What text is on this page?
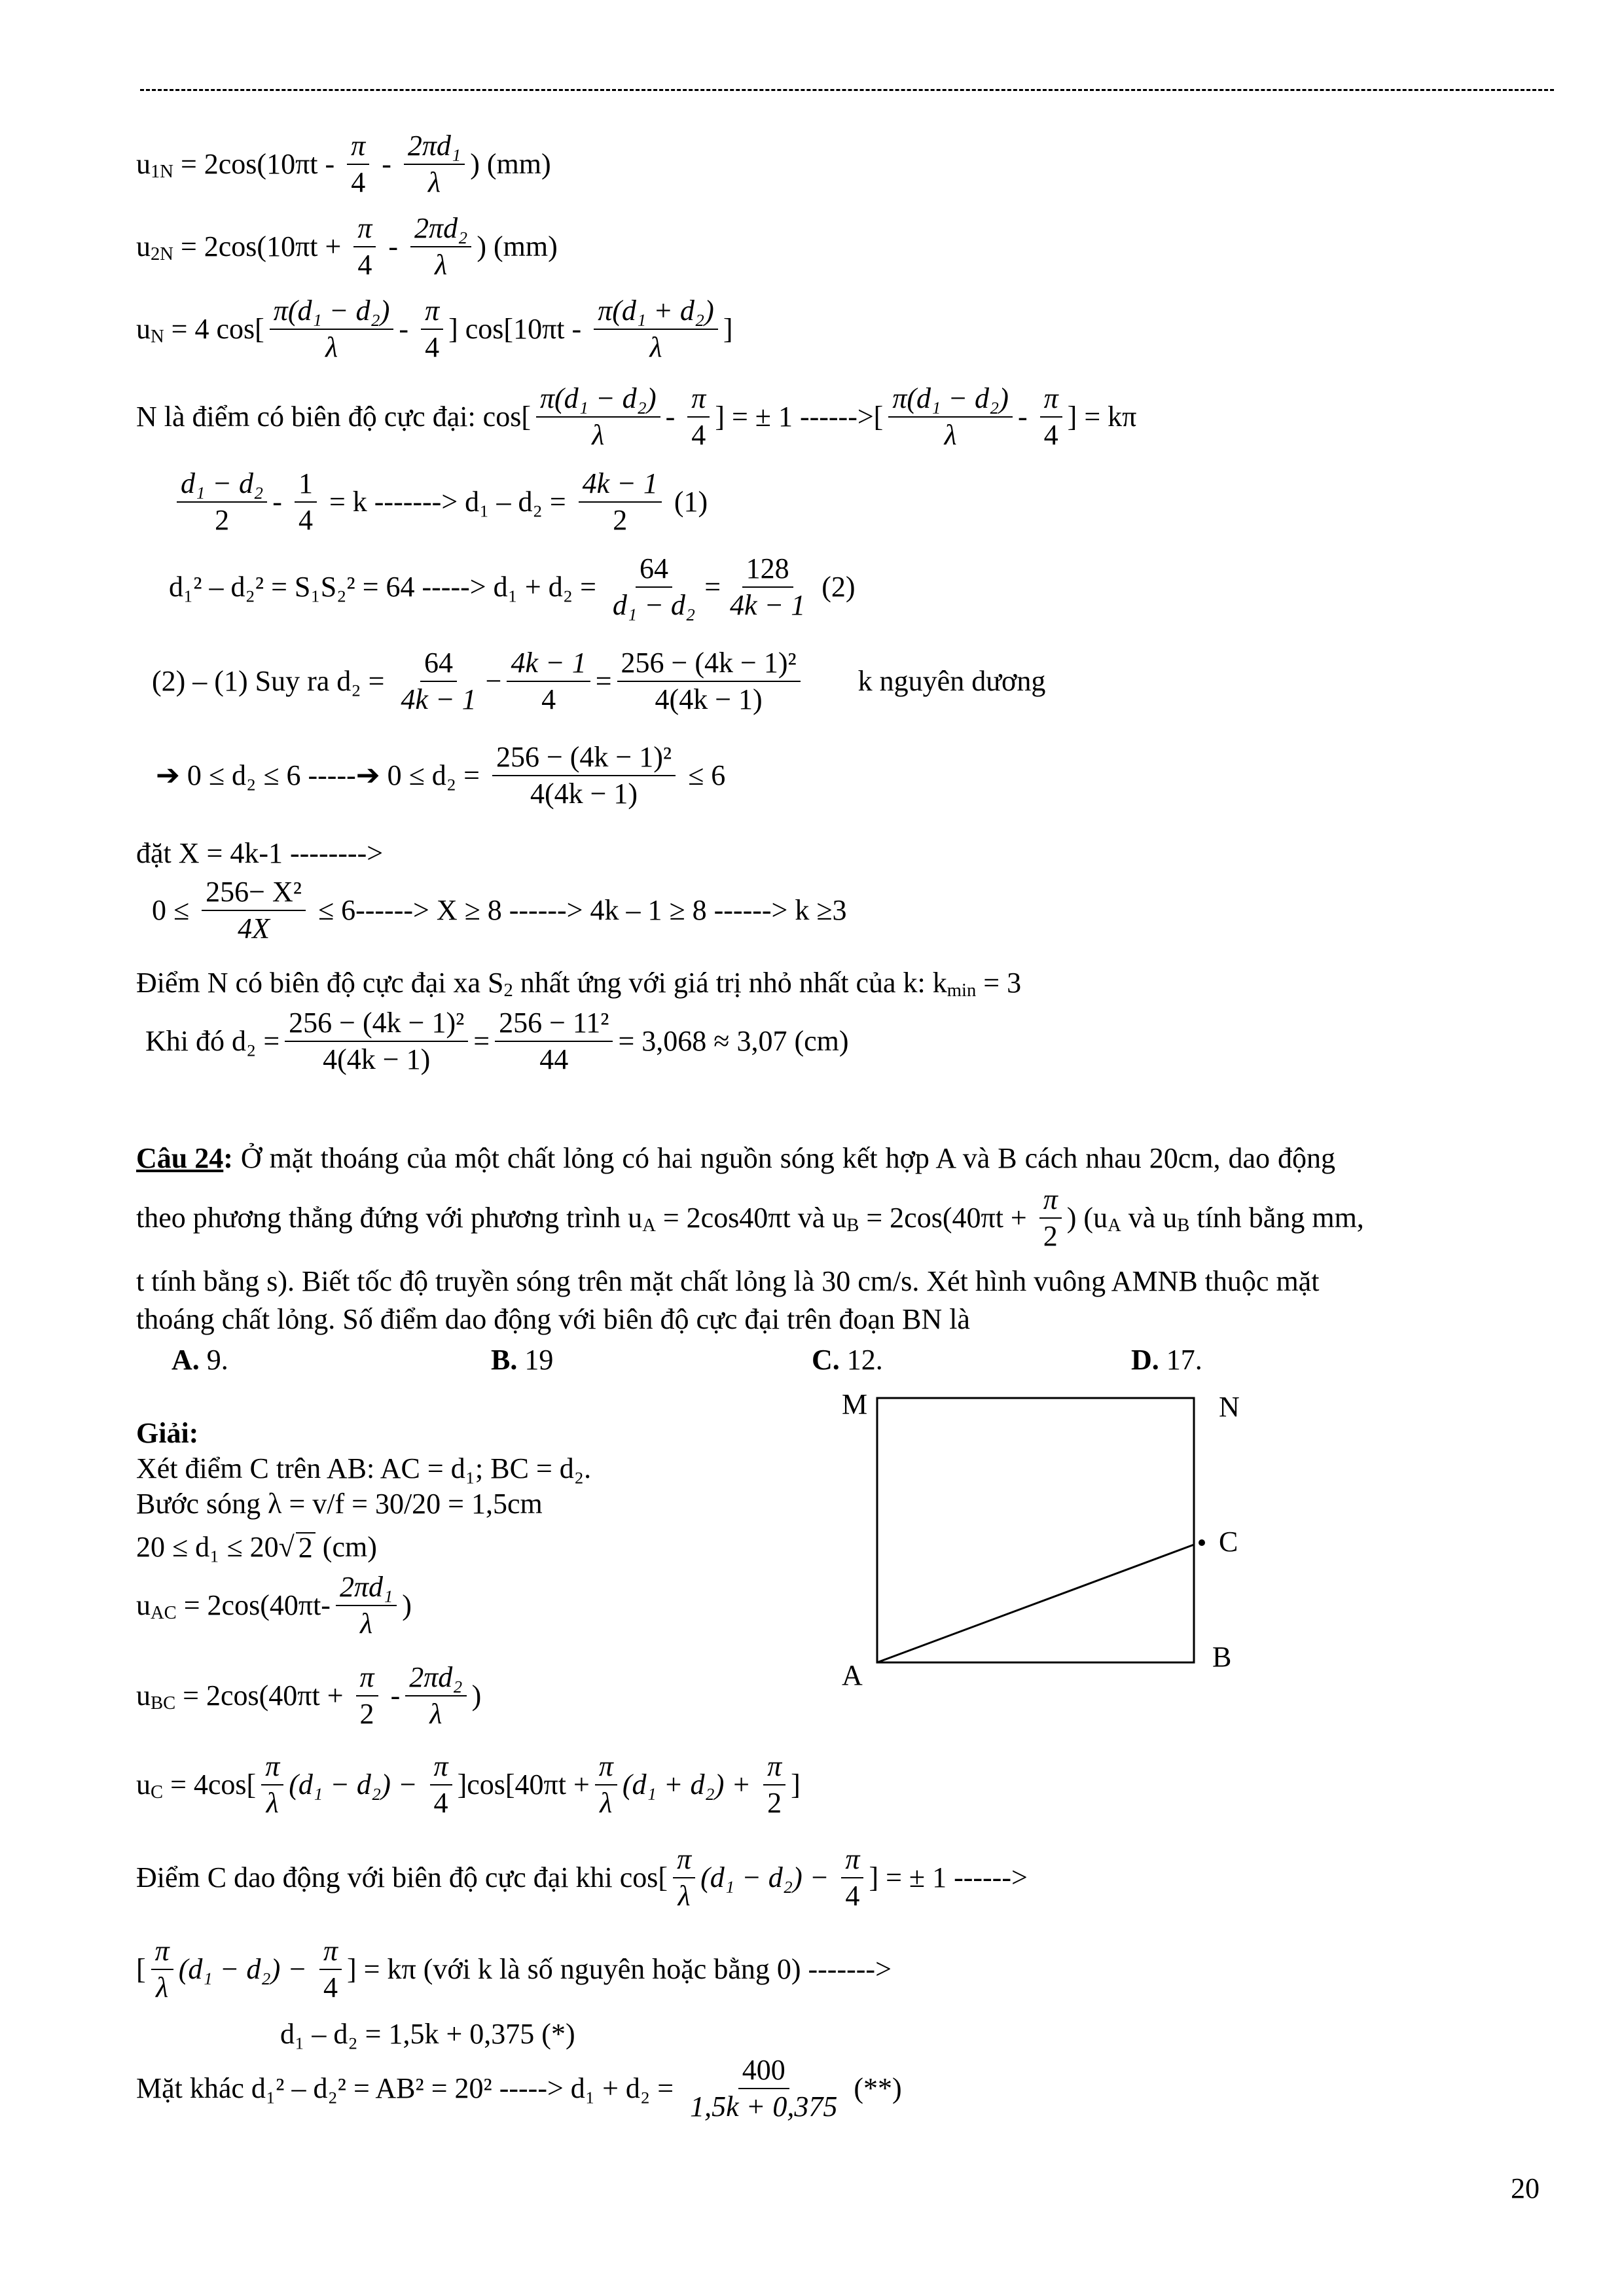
$u_{1N} = 2\cos(10\pi t - \frac{\pi}{4} - \frac{\text{2πd₁}}{\lambda}$ ) (mm)
$u_{2N} = 2\cos(10\pi t + \frac{\pi}{4} - \frac{\text{2πd₂}}{\lambda}$ ) (mm)
$u_N = 4$ $\cos[ \frac{\text{π(d₁ − d₂)}}{\lambda} - \frac{\pi}{4}$ ] $\cos[10\pi t - \frac{\text{π(d₁ + d₂)}}{\lambda}$ ]
N là điểm có biên độ cực đại: $\cos[ \frac{\text{π(d₁ − d₂)}}{\lambda} - \frac{\pi}{4}$ ] = ± 1 ------>[ $\frac{\text{π(d₁ − d₂)}}{\lambda} - \frac{\pi}{4}$ ] = kπ
$\frac{\text{d₁ − d₂}}{2} - \frac{1}{4} = k$ -------> $d_1 - d_2 = \frac{4k - 1}{2} (1)$
d₁² – d₂² = S₁S₂² = 64 -----> $d_1 + d_2 = \frac{64}{\text{d₁ − d₂}} = \frac{128}{4k - 1} (2)$
(2) – (1) Suy ra $d_2 = \frac{64}{4k - 1} - \frac{4k - 1}{4} = \frac{\text{256 − (4k − 1)²}}{4(4k - 1)}$ k nguyên dương
➔ 0 ≤ d₂ ≤ 6 -----➔ $0 \le d_2 = \frac{\text{256 − (4k − 1)²}}{4(4k - 1)} \le 6$
đặt X = 4k-1 -------->
$0 \le \frac{\text{256− X²}}{4X} \le 6------> X \ge 8$ ------> 4k – 1 ≥ 8 ------> k ≥3
Điểm N có biên độ cực đại xa $S_2$ nhất ứng với giá trị nhỏ nhất của k: $k_{min} = 3$
Khi đó $d_2 = \frac{\text{256 − (4k − 1)²}}{4(4k - 1)} = \frac{\text{256 − 11²}}{44} = 3,068 \approx 3,07$ (cm)
Câu 24: Ở mặt thoáng của một chất lỏng có hai nguồn sóng kết hợp A và B cách nhau 20cm, dao động
theo phương thẳng đứng với phương trình $u_A = 2\cos 40\pi t$ và $u_B = 2\cos(40\pi t + \frac{\pi}{2}$ ) ($u_A$ và $u_B$ tính bằng mm,
t tính bằng s). Biết tốc độ truyền sóng trên mặt chất lỏng là 30 cm/s. Xét hình vuông AMNB thuộc mặt
thoáng chất lỏng. Số điểm dao động với biên độ cực đại trên đoạn BN là
A. 9.	B. 19	C. 12.	D. 17.
Giải:
Xét điểm C trên AB: AC = d₁; BC = d₂.
Bước sóng λ = v/f = 30/20 = 1,5cm
20 ≤ d₁ ≤ 20√ 2 (cm)
$u_{AC} = 2\cos(40\pi t- \frac{\text{2πd₁}}{\lambda}$ )
$u_{BC} = 2\cos(40\pi t + \frac{\pi}{2} - \frac{\text{2πd₂}}{\lambda}$ )
$u_C = 4\cos[ \frac{\pi}{\lambda} (d_1 - d_2) - \frac{\pi}{4} ]\cos[40\pi t + \frac{\pi}{\lambda} (d_1 + d_2) + \frac{\pi}{2}$ ]
Điểm C dao động với biên độ cực đại khi $\cos[ \frac{\pi}{\lambda} (d_1 - d_2) - \frac{\pi}{4}$ ] = ± 1 ------>
[ $\frac{\pi}{\lambda} (d_1 - d_2) - \frac{\pi}{4}$ ] = kπ (với k là số nguyên hoặc bằng 0) ------->
d₁ – d₂ = 1,5k + 0,375 (*)
Mặt khác d₁² – d₂² = AB² = 20² -----> $d_1 + d_2 = \frac{400}{1,5k + 0,375}$ (**)
M	N
C
A
B
20
